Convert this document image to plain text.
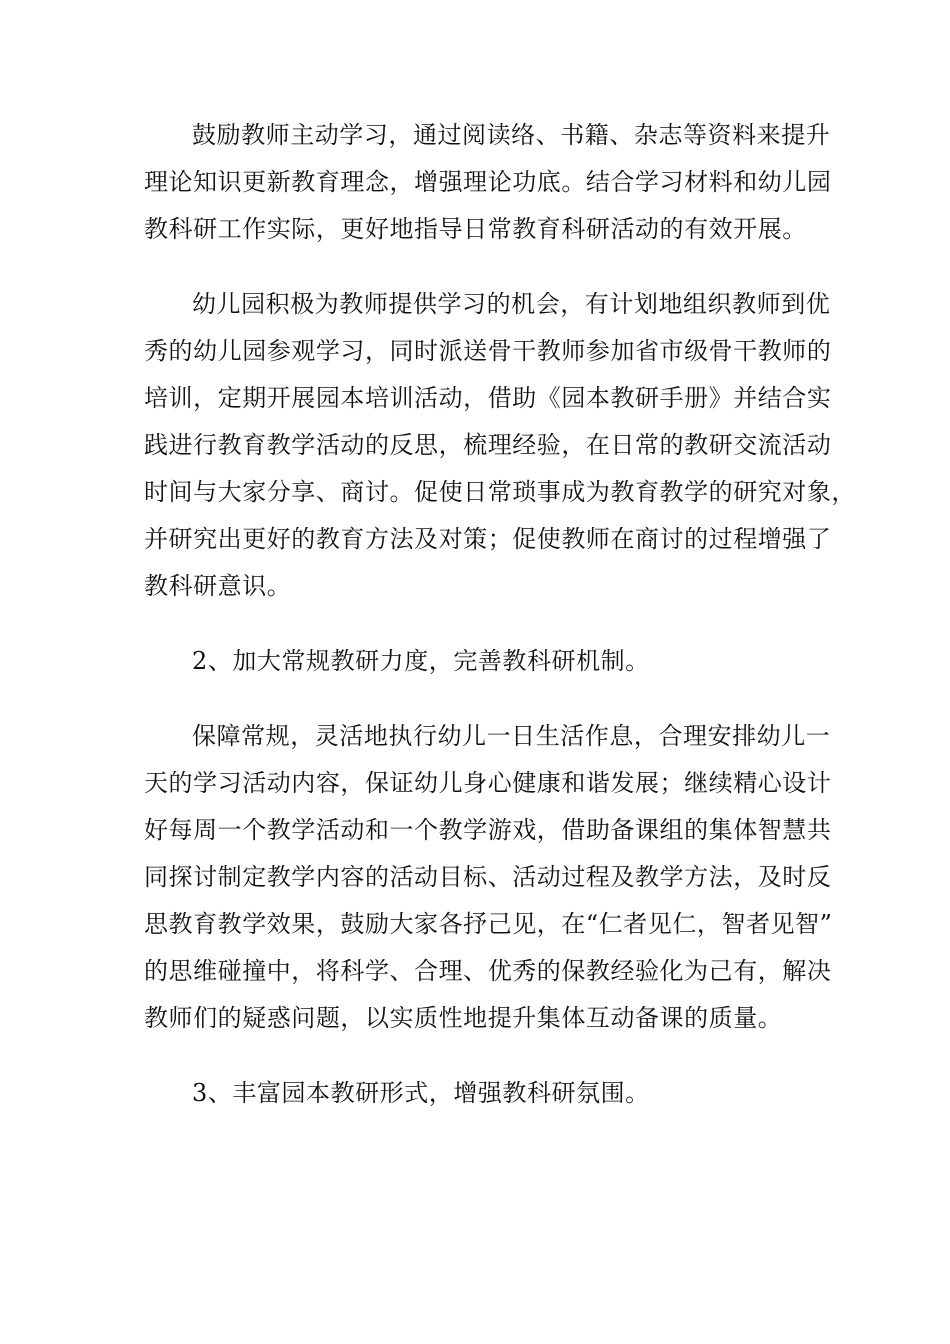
鼓励教师主动学习，通过阅读络、书籍、杂志等资料来提升
理论知识更新教育理念，增强理论功底。结合学习材料和幼儿园
教科研工作实际，更好地指导日常教育科研活动的有效开展。
幼儿园积极为教师提供学习的机会，有计划地组织教师到优
秀的幼儿园参观学习，同时派送骨干教师参加省市级骨干教师的
培训，定期开展园本培训活动，借助《园本教研手册》并结合实
践进行教育教学活动的反思，梳理经验，在日常的教研交流活动
时间与大家分享、商讨。促使日常琐事成为教育教学的研究对象，
并研究出更好的教育方法及对策；促使教师在商讨的过程增强了
教科研意识。
2、加大常规教研力度，完善教科研机制。
保障常规，灵活地执行幼儿一日生活作息，合理安排幼儿一
天的学习活动内容，保证幼儿身心健康和谐发展；继续精心设计
好每周一个教学活动和一个教学游戏，借助备课组的集体智慧共
同探讨制定教学内容的活动目标、活动过程及教学方法，及时反
思教育教学效果，鼓励大家各抒己见，在“仁者见仁，智者见智”
的思维碰撞中，将科学、合理、优秀的保教经验化为己有，解决
教师们的疑惑问题，以实质性地提升集体互动备课的质量。
3、丰富园本教研形式，增强教科研氛围。
